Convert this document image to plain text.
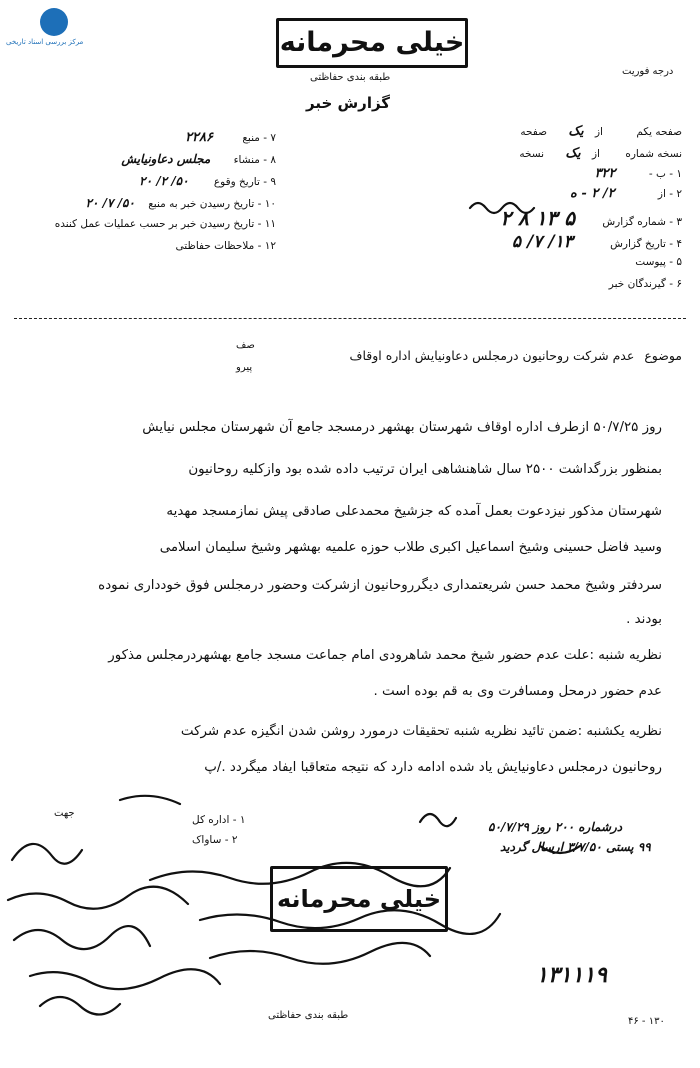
مرکز بررسی اسناد تاریخی	خیلی محرمانه
طبقه بندی حفاظتی
گزارش خبر
درجه فوریت
صفحه یکم از یک صفحه
نسخه شماره از یک نسخه
۱ - ب - ۳۲۲
۲ - از ۲/ ۲ - ه
۳ - شماره گزارش ۵ ۱۳ ۸ ۲
۴ - تاریخ گزارش ۱۳/ ۷/ ۵
۵ - پیوست
۶ - گیرندگان خبر
۷ - منبع ۲۲۸۶
۸ - منشاء مجلس دعاونیایش
۹ - تاریخ وقوع ۵۰/ ۲/ ۲۰
۱۰ - تاریخ رسیدن خبر به منبع ۵۰/ ۷/ ۲۰
۱۱ - تاریخ رسیدن خبر بر حسب عملیات عمل کننده
۱۲ - ملاحظات حفاظتی
موضوع عدم شرکت روحانیون درمجلس دعاونیایش اداره اوقاف
صف
پیرو
روز ۵۰/۷/۲۵ ازطرف اداره اوقاف شهرستان بهشهر درمسجد جامع آن شهرستان مجلس نیایش
بمنظور بزرگداشت ۲۵۰۰ سال شاهنشاهی ایران ترتیب داده شده بود وازکلیه روحانیون
شهرستان مذکور نیزدعوت بعمل آمده که جزشیخ محمدعلی صادقی پیش نمازمسجد مهدیه
وسید فاضل حسینی وشیخ اسماعیل اکبری طلاب حوزه علمیه بهشهر وشیخ سلیمان اسلامی
سردفتر وشیخ محمد حسن شریعتمداری دیگرروحانیون ازشرکت وحضور درمجلس فوق خودداری نموده
بودند .
نظریه شنبه :علت عدم حضور شیخ محمد شاهرودی امام جماعت مسجد جامع بهشهردرمجلس مذکور
عدم حضور درمحل ومسافرت وی به قم بوده است .
نظریه یکشنبه :ضمن تائید نظریه شنبه تحقیقات درمورد روشن شدن انگیزه عدم شرکت
روحانیون درمجلس دعاونیایش یاد شده ادامه دارد که نتیجه متعاقبا ایفاد میگردد ./پ
درشماره ۲۰۰ روز ۵۰/۷/۲۹
۹۹ پستی ۳/۷/۵۰ ارسال گردید
جهت
۱ - اداره کل
۲ - ساواک
خیلی محرمانه
طبقه بندی حفاظتی
۱۳۱۱۱۹
۱۳۰ - ۴۶
